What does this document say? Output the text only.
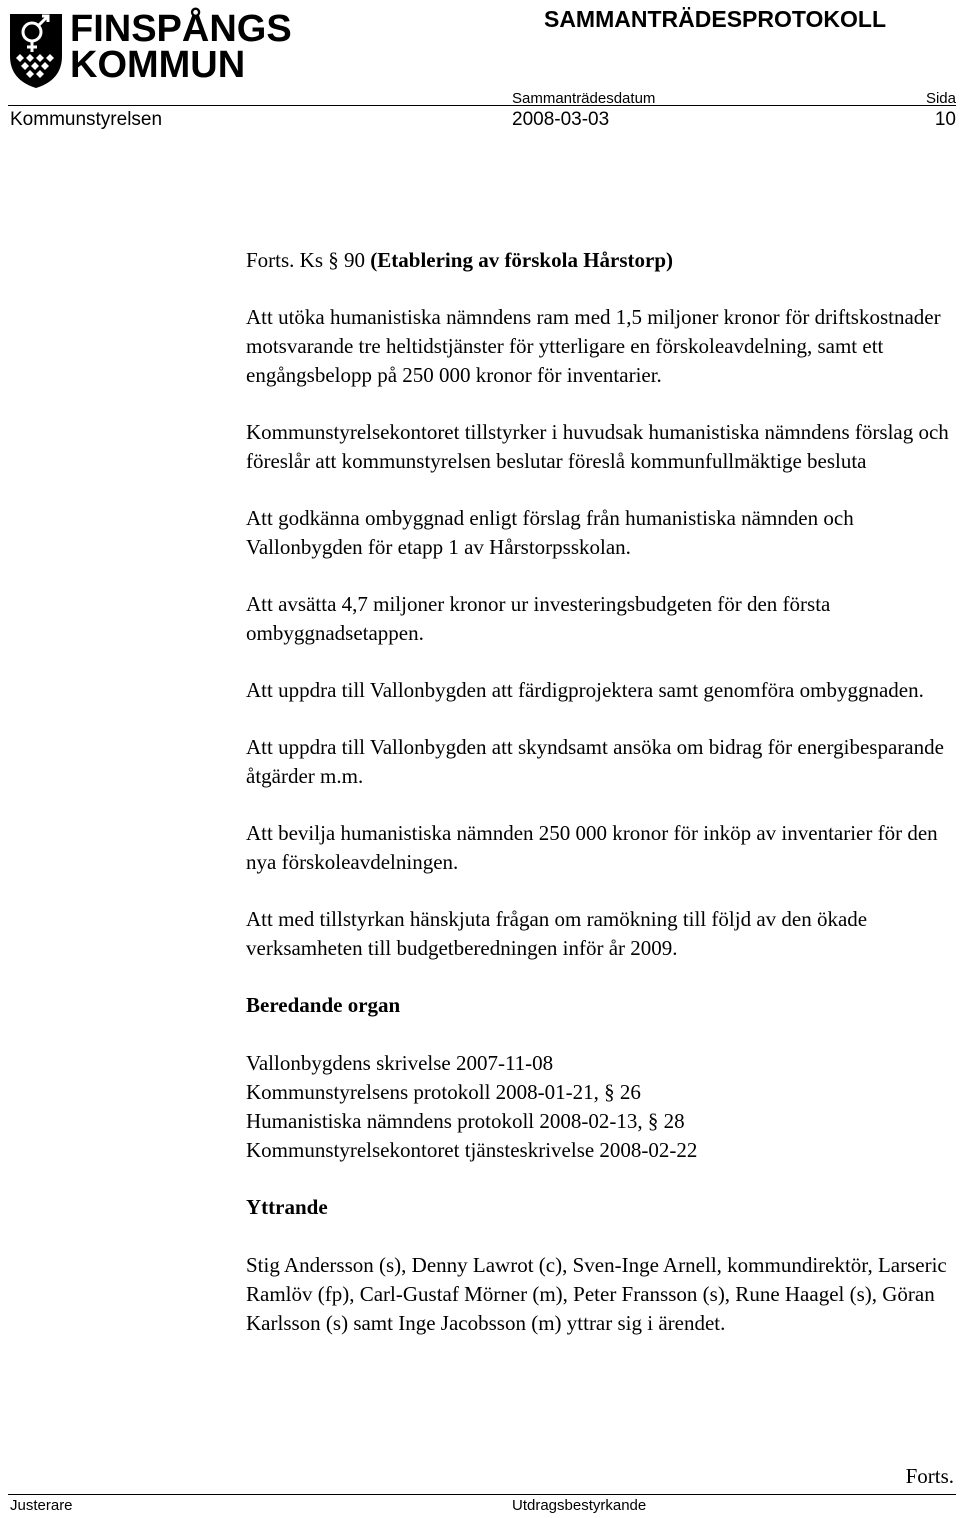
FINSPÅNGS
KOMMUN
SAMMANTRÄDESPROTOKOLL
Sammanträdesdatum	Sida
Kommunstyrelsen	2008-03-03	10

Forts. Ks § 90 (Etablering av förskola Hårstorp)

Att utöka humanistiska nämndens ram med 1,5 miljoner kronor för driftskostnader motsvarande tre heltidstjänster för ytterligare en förskoleavdelning, samt ett engångsbelopp på 250 000 kronor för inventarier.

Kommunstyrelsekontoret tillstyrker i huvudsak humanistiska nämndens förslag och föreslår att kommunstyrelsen beslutar föreslå kommunfullmäktige besluta

Att godkänna ombyggnad enligt förslag från humanistiska nämnden och Vallonbygden för etapp 1 av Hårstorpsskolan.

Att avsätta 4,7 miljoner kronor ur investeringsbudgeten för den första ombyggnadsetappen.

Att uppdra till Vallonbygden att färdigprojektera samt genomföra ombyggnaden.

Att uppdra till Vallonbygden att skyndsamt ansöka om bidrag för energibesparande åtgärder m.m.

Att bevilja humanistiska nämnden 250 000 kronor för inköp av inventarier för den nya förskoleavdelningen.

Att med tillstyrkan hänskjuta frågan om ramökning till följd av den ökade verksamheten till budgetberedningen inför år 2009.

Beredande organ

Vallonbygdens skrivelse 2007-11-08

Kommunstyrelsens protokoll 2008-01-21, § 26

Humanistiska nämndens protokoll 2008-02-13, § 28

Kommunstyrelsekontoret tjänsteskrivelse 2008-02-22

Yttrande

Stig Andersson (s), Denny Lawrot (c), Sven-Inge Arnell, kommundirektör, Larseric Ramlöv (fp), Carl-Gustaf Mörner (m), Peter Fransson (s), Rune Haagel (s), Göran Karlsson (s) samt Inge Jacobsson (m) yttrar sig i ärendet.

Forts.
Justerare	Utdragsbestyrkande
